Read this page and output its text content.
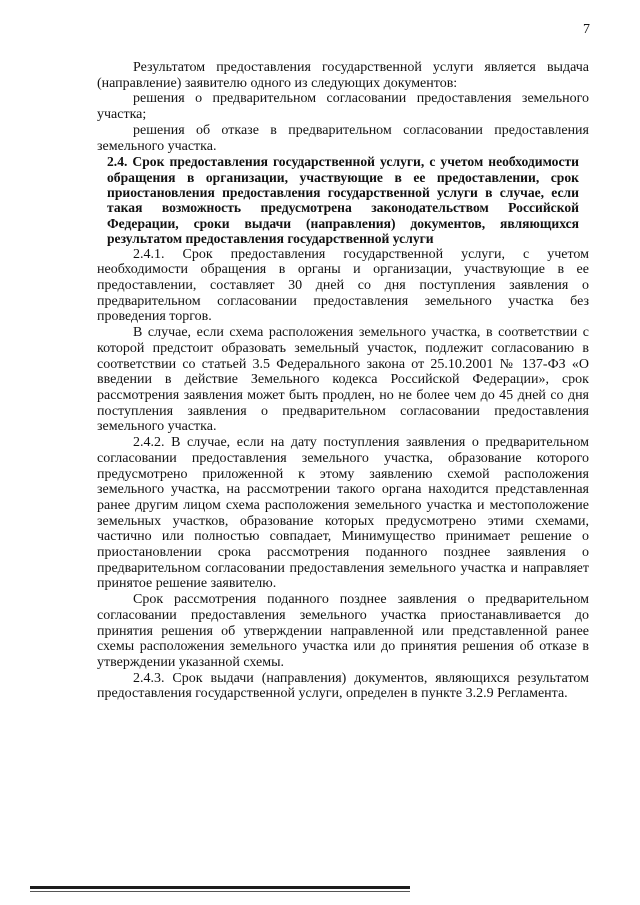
7

Результатом предоставления государственной услуги является выдача (направление) заявителю одного из следующих документов:

решения о предварительном согласовании предоставления земельного участка;

решения об отказе в предварительном согласовании предоставления земельного участка.

2.4. Срок предоставления государственной услуги, с учетом необходимости обращения в организации, участвующие в ее предоставлении, срок приостановления предоставления государственной услуги в случае, если такая возможность предусмотрена законодательством Российской Федерации, сроки выдачи (направления) документов, являющихся результатом предоставления государственной услуги

2.4.1. Срок предоставления государственной услуги, с учетом необходимости обращения в органы и организации, участвующие в ее предоставлении, составляет 30 дней со дня поступления заявления о предварительном согласовании предоставления земельного участка без проведения торгов.

В случае, если схема расположения земельного участка, в соответствии с которой предстоит образовать земельный участок, подлежит согласованию в соответствии со статьей 3.5 Федерального закона от 25.10.2001 № 137-ФЗ «О введении в действие Земельного кодекса Российской Федерации», срок рассмотрения заявления может быть продлен, но не более чем до 45 дней со дня поступления заявления о предварительном согласовании предоставления земельного участка.

2.4.2. В случае, если на дату поступления заявления о предварительном согласовании предоставления земельного участка, образование которого предусмотрено приложенной к этому заявлению схемой расположения земельного участка, на рассмотрении такого органа находится представленная ранее другим лицом схема расположения земельного участка и местоположение земельных участков, образование которых предусмотрено этими схемами, частично или полностью совпадает, Минимущество принимает решение о приостановлении срока рассмотрения поданного позднее заявления о предварительном согласовании предоставления земельного участка и направляет принятое решение заявителю.

Срок рассмотрения поданного позднее заявления о предварительном согласовании предоставления земельного участка приостанавливается до принятия решения об утверждении направленной или представленной ранее схемы расположения земельного участка или до принятия решения об отказе в утверждении указанной схемы.

2.4.3. Срок выдачи (направления) документов, являющихся результатом предоставления государственной услуги, определен в пункте 3.2.9 Регламента.
